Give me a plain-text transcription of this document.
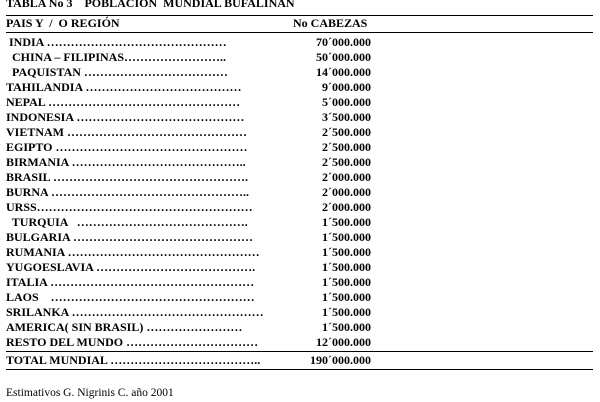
TABLA No 3    POBLACION  MUNDIAL BUFALINAN
PAIS Y  /  O REGIÓN	No CABEZAS
INDIA ………………………………………	70´000.000
CHINA – FILIPINAS……………………..	50´000.000
PAQUISTAN ………………………………	14´000.000
TAHILANDIA …………………………………	9´000.000
NEPAL …………………………………………	5´000.000
INDONESIA ……………………………………	3´500.000
VIETNAM ………………………………………	2´500.000
EGIPTO …………………………………………	2´500.000
BIRMANIA ……………………………………..	2´500.000
BRASIL ………………………………………….	2´000.000
BURNA …………………………………………..	2´000.000
URSS………………………………………………	2´000.000
TURQUIA   …………………………………….	1´500.000
BULGARIA ………………………………………	1´500.000
RUMANIA …………………………………………	1´500.000
YUGOESLAVIA ………………………………….	1´500.000
ITALIA ……………………………………………	1´500.000
LAOS    ……………………………………………	1´500.000
SRILANKA …………………………………………	1´500.000
AMERICA( SIN BRASIL) ……………………	1´500.000
RESTO DEL MUNDO ……………………………	12´000.000
TOTAL MUNDIAL ………………………………..	190´000.000
Estimativos G. Nigrinis C. año 2001
